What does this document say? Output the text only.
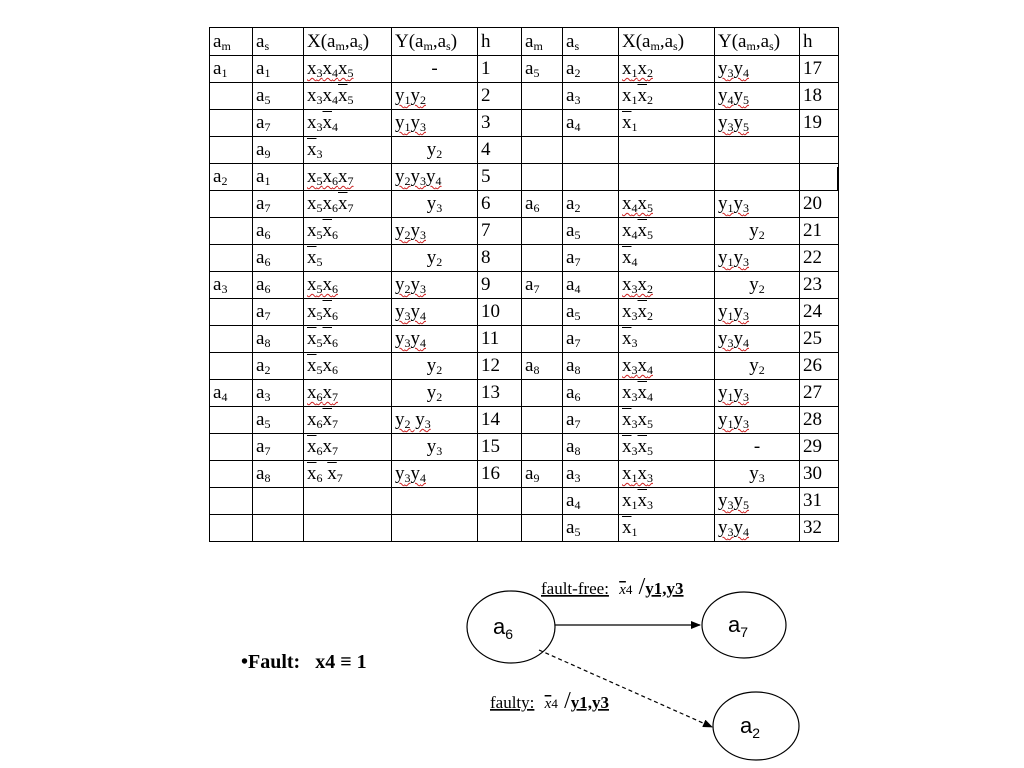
$a_m$	$a_s$	$X(a_m,a_s)$	$Y(a_m,a_s)$	h	$a_m$	$a_s$	$X(a_m,a_s)$	$Y(a_m,a_s)$	h
$a_1$	$a_1$	$x_3x_4x_5$	-	1	$a_5$	$a_2$	$x_1x_2$	$y_3y_4$	17
	$a_5$	$x_3x_4\overline{x}_5$	$y_1y_2$	2		$a_3$	$x_1\overline{x}_2$	$y_4y_5$	18
	$a_7$	$x_3\overline{x}_4$	$y_1y_3$	3		$a_4$	$\overline{x}_1$	$y_3y_5$	19
	$a_9$	$\overline{x}_3$	$y_2$	4					
$a_2$	$a_1$	$x_5x_6x_7$	$y_2y_3y_4$	5					
	$a_7$	$x_5x_6\overline{x}_7$	$y_3$	6	$a_6$	$a_2$	$x_4x_5$	$y_1y_3$	20
	$a_6$	$x_5\overline{x}_6$	$y_2y_3$	7		$a_5$	$x_4\overline{x}_5$	$y_2$	21
	$a_6$	$\overline{x}_5$	$y_2$	8		$a_7$	$\overline{x}_4$	$y_1y_3$	22
$a_3$	$a_6$	$x_5x_6$	$y_2y_3$	9	$a_7$	$a_4$	$x_3x_2$	$y_2$	23
	$a_7$	$x_5\overline{x}_6$	$y_3y_4$	10		$a_5$	$x_3\overline{x}_2$	$y_1y_3$	24
	$a_8$	$\overline{x}_5\overline{x}_6$	$y_3y_4$	11		$a_7$	$\overline{x}_3$	$y_3y_4$	25
	$a_2$	$\overline{x}_5x_6$	$y_2$	12	$a_8$	$a_8$	$x_3x_4$	$y_2$	26
$a_4$	$a_3$	$x_6x_7$	$y_2$	13		$a_6$	$x_3\overline{x}_4$	$y_1y_3$	27
	$a_5$	$x_6\overline{x}_7$	$y_2$ $y_3$	14		$a_7$	$\overline{x}_3x_5$	$y_1y_3$	28
	$a_7$	$\overline{x}_6x_7$	$y_3$	15		$a_8$	$\overline{x}_3\overline{x}_5$	-	29
	$a_8$	$\overline{x}_6$ $\overline{x}_7$	$y_3y_4$	16	$a_9$	$a_3$	$x_1x_3$	$y_3$	30
						$a_4$	$x_1\overline{x}_3$	$y_3y_5$	31
						$a_5$	$\overline{x}_1$	$y_3y_4$	32
$a_6$	$a_7$
$a_2$
fault-free: x4 /y1,y3
faulty: x4 /y1,y3
•Fault:   x4 ≡ 1
